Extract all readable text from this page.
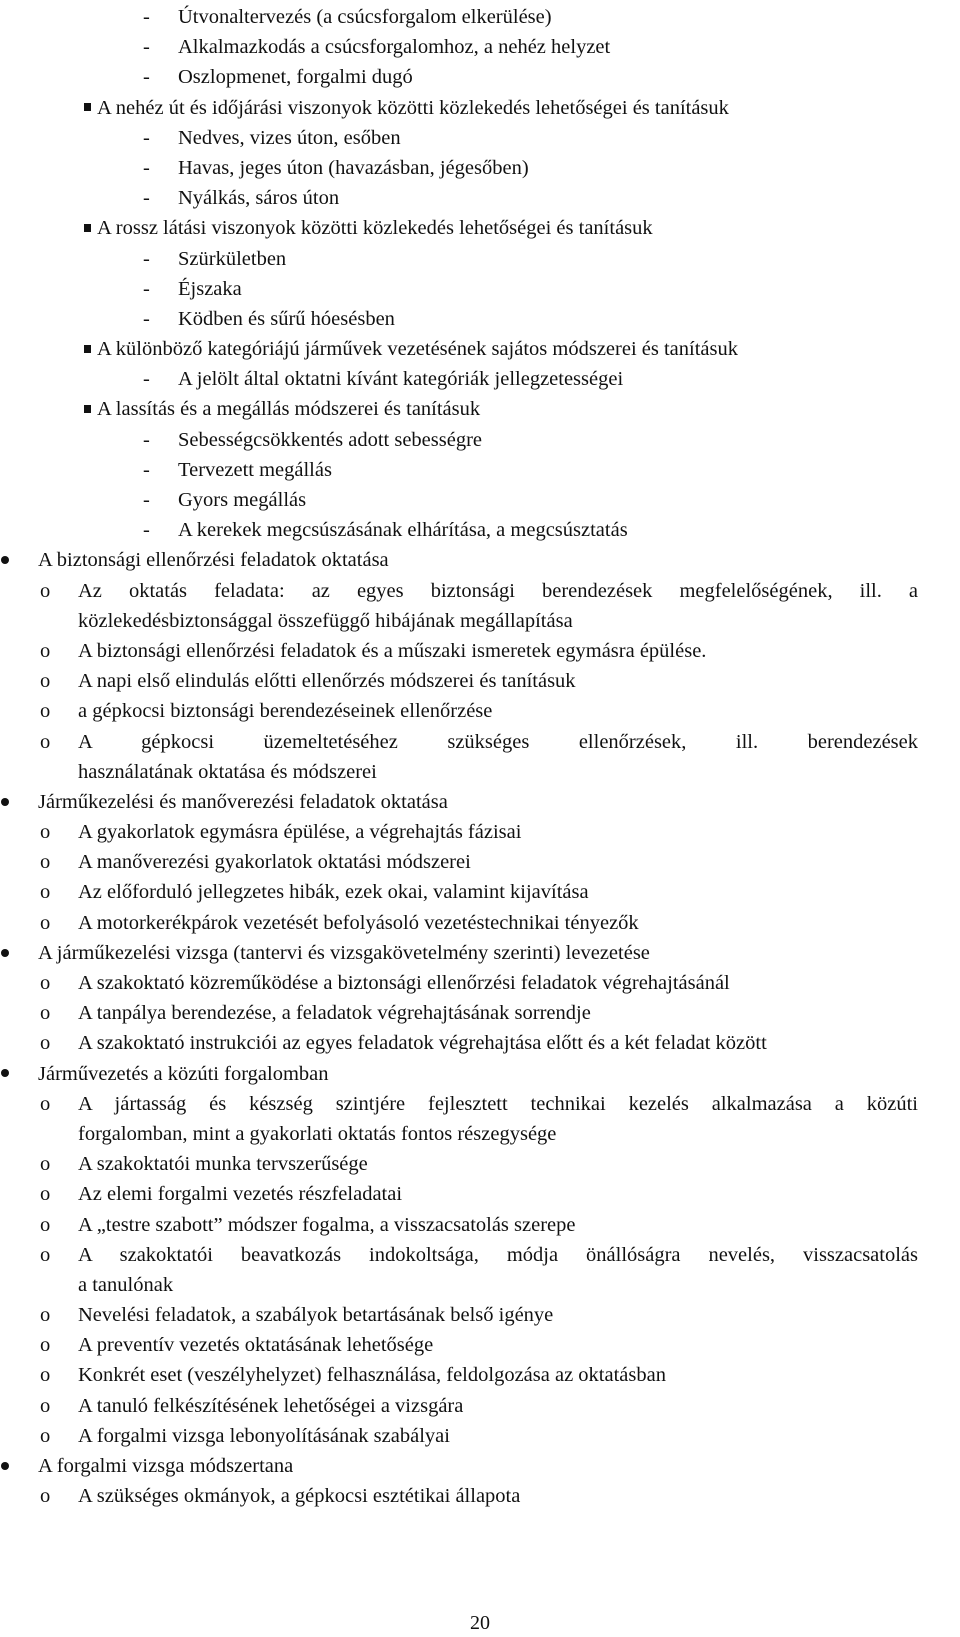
- Útvonaltervezés (a csúcsforgalom elkerülése)
- Alkalmazkodás a csúcsforgalomhoz, a nehéz helyzet
- Oszlopmenet, forgalmi dugó
A nehéz út és időjárási viszonyok közötti közlekedés lehetőségei és tanításuk
- Nedves, vizes úton, esőben
- Havas, jeges úton (havazásban, jégesőben)
- Nyálkás, sáros úton
A rossz látási viszonyok közötti közlekedés lehetőségei és tanításuk
- Szürkületben
- Éjszaka
- Ködben és sűrű hóesésben
A különböző kategóriájú járművek vezetésének sajátos módszerei és tanításuk
- A jelölt által oktatni kívánt kategóriák jellegzetességei
A lassítás és a megállás módszerei és tanításuk
- Sebességcsökkentés adott sebességre
- Tervezett megállás
- Gyors megállás
- A kerekek megcsúszásának elhárítása, a megcsúsztatás
A biztonsági ellenőrzési feladatok oktatása
o Az oktatás feladata: az egyes biztonsági berendezések megfelelőségének, ill. a
közlekedésbiztonsággal összefüggő hibájának megállapítása
o A biztonsági ellenőrzési feladatok és a műszaki ismeretek egymásra épülése.
o A napi első elindulás előtti ellenőrzés módszerei és tanításuk
o a gépkocsi biztonsági berendezéseinek ellenőrzése
o A gépkocsi üzemeltetéséhez szükséges ellenőrzések, ill. berendezések
használatának oktatása és módszerei
Járműkezelési és manőverezési feladatok oktatása
o A gyakorlatok egymásra épülése, a végrehajtás fázisai
o A manőverezési gyakorlatok oktatási módszerei
o Az előforduló jellegzetes hibák, ezek okai, valamint kijavítása
o A motorkerékpárok vezetését befolyásoló vezetéstechnikai tényezők
A járműkezelési vizsga (tantervi és vizsgakövetelmény szerinti) levezetése
o A szakoktató közreműködése a biztonsági ellenőrzési feladatok végrehajtásánál
o A tanpálya berendezése, a feladatok végrehajtásának sorrendje
o A szakoktató instrukciói az egyes feladatok végrehajtása előtt és a két feladat között
Járművezetés a közúti forgalomban
o A jártasság és készség szintjére fejlesztett technikai kezelés alkalmazása a közúti
forgalomban, mint a gyakorlati oktatás fontos részegysége
o A szakoktatói munka tervszerűsége
o Az elemi forgalmi vezetés részfeladatai
o A „testre szabott” módszer fogalma, a visszacsatolás szerepe
o A szakoktatói beavatkozás indokoltsága, módja önállóságra nevelés, visszacsatolás
a tanulónak
o Nevelési feladatok, a szabályok betartásának belső igénye
o A preventív vezetés oktatásának lehetősége
o Konkrét eset (veszélyhelyzet) felhasználása, feldolgozása az oktatásban
o A tanuló felkészítésének lehetőségei a vizsgára
o A forgalmi vizsga lebonyolításának szabályai
A forgalmi vizsga módszertana
o A szükséges okmányok, a gépkocsi esztétikai állapota
20
